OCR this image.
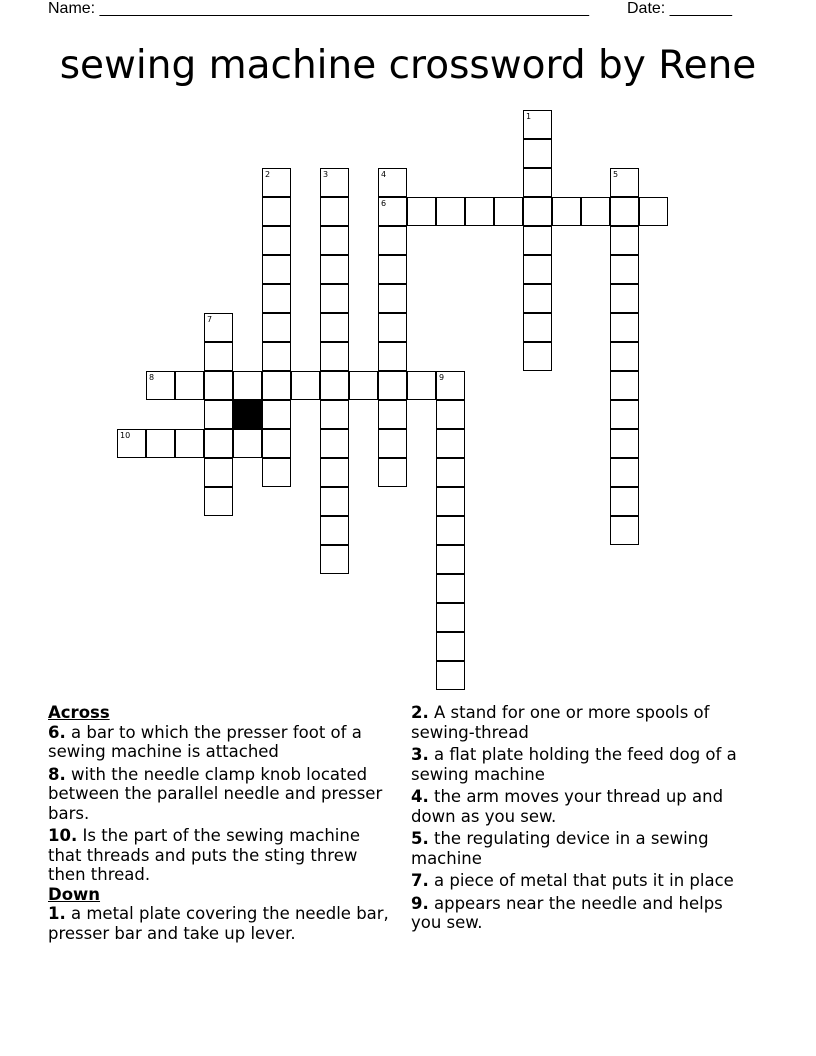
Name: _______________________________________________________ Date: _______
sewing machine crossword by Rene
1
2	3	4
6
5
7
8	9
10
Across
6. a bar to which the presser foot of a sewing machine is attached
8. with the needle clamp knob located between the parallel needle and presser bars.
10. Is the part of the sewing machine that threads and puts the sting threw then thread.
Down
1. a metal plate covering the needle bar, presser bar and take up lever.
2. A stand for one or more spools of sewing-thread
3. a flat plate holding the feed dog of a sewing machine
4. the arm moves your thread up and down as you sew.
5. the regulating device in a sewing machine
7. a piece of metal that puts it in place
9. appears near the needle and helps you sew.
